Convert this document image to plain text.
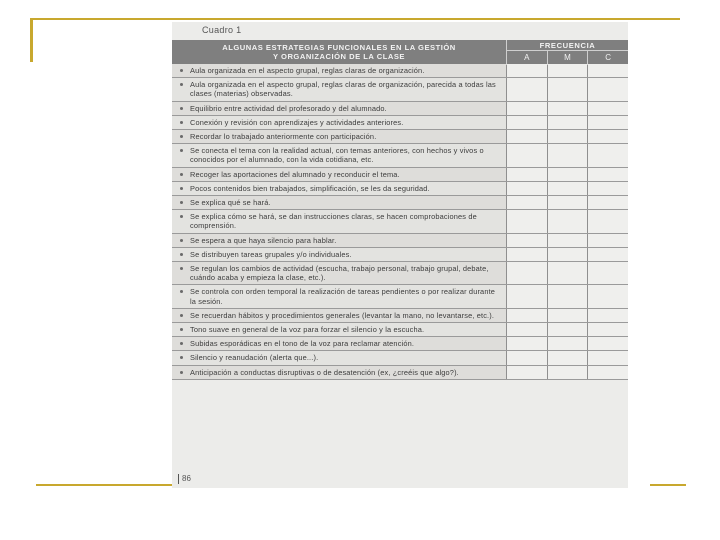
Cuadro 1
ALGUNAS ESTRATEGIAS FUNCIONALES EN LA GESTIÓN
Y ORGANIZACIÓN DE LA CLASE
FRECUENCIA
A	M	C
Aula organizada en el aspecto grupal, reglas claras de organización.
Aula organizada en el aspecto grupal, reglas claras de organización, parecida a todas las clases (materias) observadas.
Equilibrio entre actividad del profesorado y del alumnado.
Conexión y revisión con aprendizajes y actividades anteriores.
Recordar lo trabajado anteriormente con participación.
Se conecta el tema con la realidad actual, con temas anteriores, con hechos y vivos o conocidos por el alumnado, con la vida cotidiana, etc.
Recoger las aportaciones del alumnado y reconducir el tema.
Pocos contenidos bien trabajados, simplificación, se les da seguridad.
Se explica qué se hará.
Se explica cómo se hará, se dan instrucciones claras, se hacen comprobaciones de comprensión.
Se espera a que haya silencio para hablar.
Se distribuyen tareas grupales y/o individuales.
Se regulan los cambios de actividad (escucha, trabajo personal, trabajo grupal, debate, cuándo acaba y empieza la clase, etc.).
Se controla con orden temporal la realización de tareas pendientes o por realizar durante la sesión.
Se recuerdan hábitos y procedimientos generales (levantar la mano, no levantarse, etc.).
Tono suave en general de la voz para forzar el silencio y la escucha.
Subidas esporádicas en el tono de la voz para reclamar atención.
Silencio y reanudación (alerta que...).
Anticipación a conductas disruptivas o de desatención (ex, ¿creéis que algo?).
86
